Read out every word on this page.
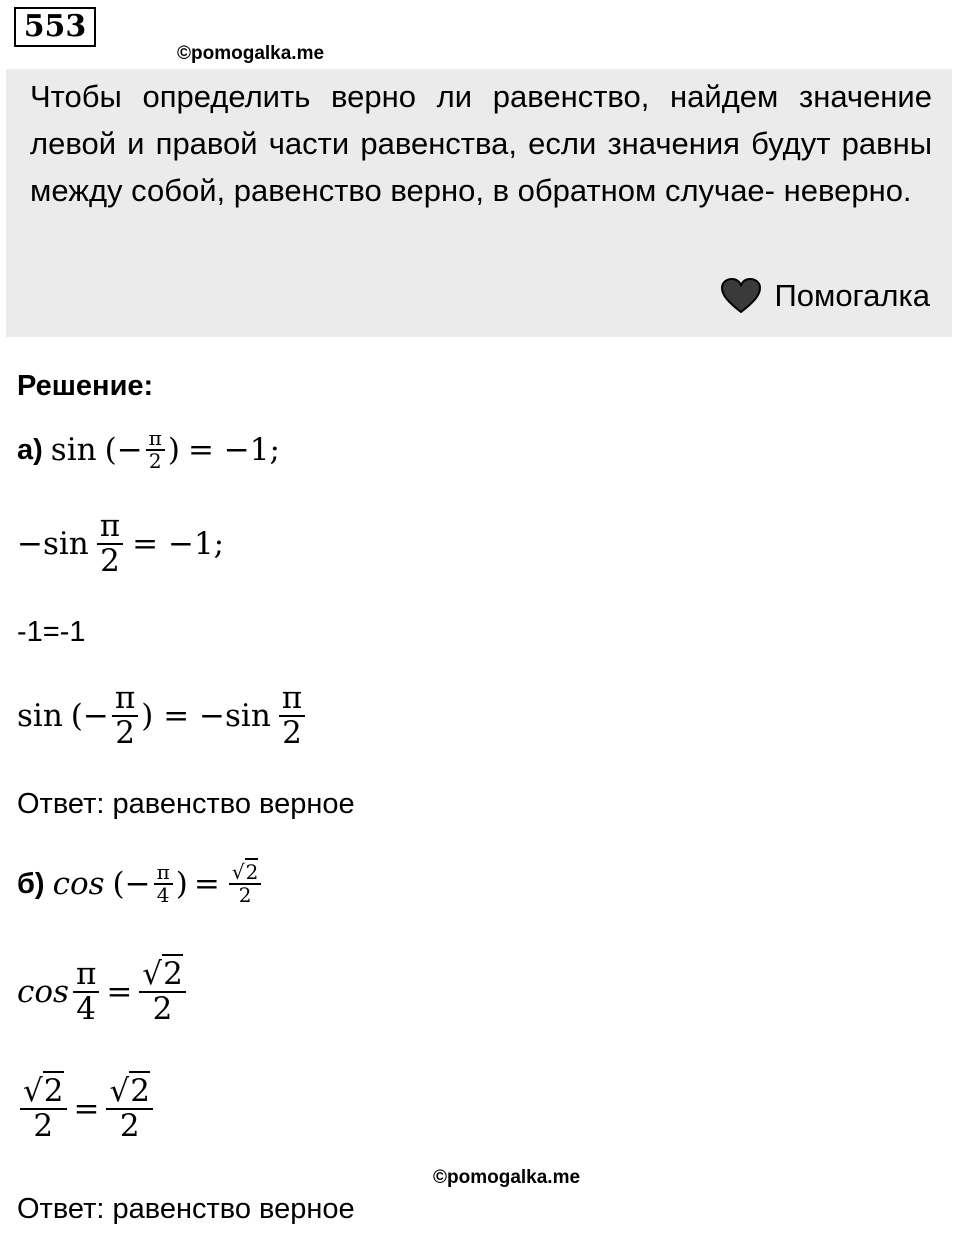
553
©pomogalka.me
Чтобы определить верно ли равенство, найдем значение левой и правой части равенства, если значения будут равны между собой, равенство верно, в обратном случае- неверно.
Помогалка
Решение:
а) sin (− $\frac{\pi}{2}$ ) = −1;
$-\sin \frac{\pi}{2} = -1$;
-1=-1
sin (− $\frac{\pi}{2}$ ) = $-\sin \frac{\pi}{2}$
Ответ: равенство верное
б) cos (− $\frac{\pi}{4}$ ) = $\frac{√2}{2}$
$\cos \frac{\pi}{4} = \frac{√2}{2}$
$\frac{√2}{2} = \frac{√2}{2}$
©pomogalka.me
Ответ: равенство верное
